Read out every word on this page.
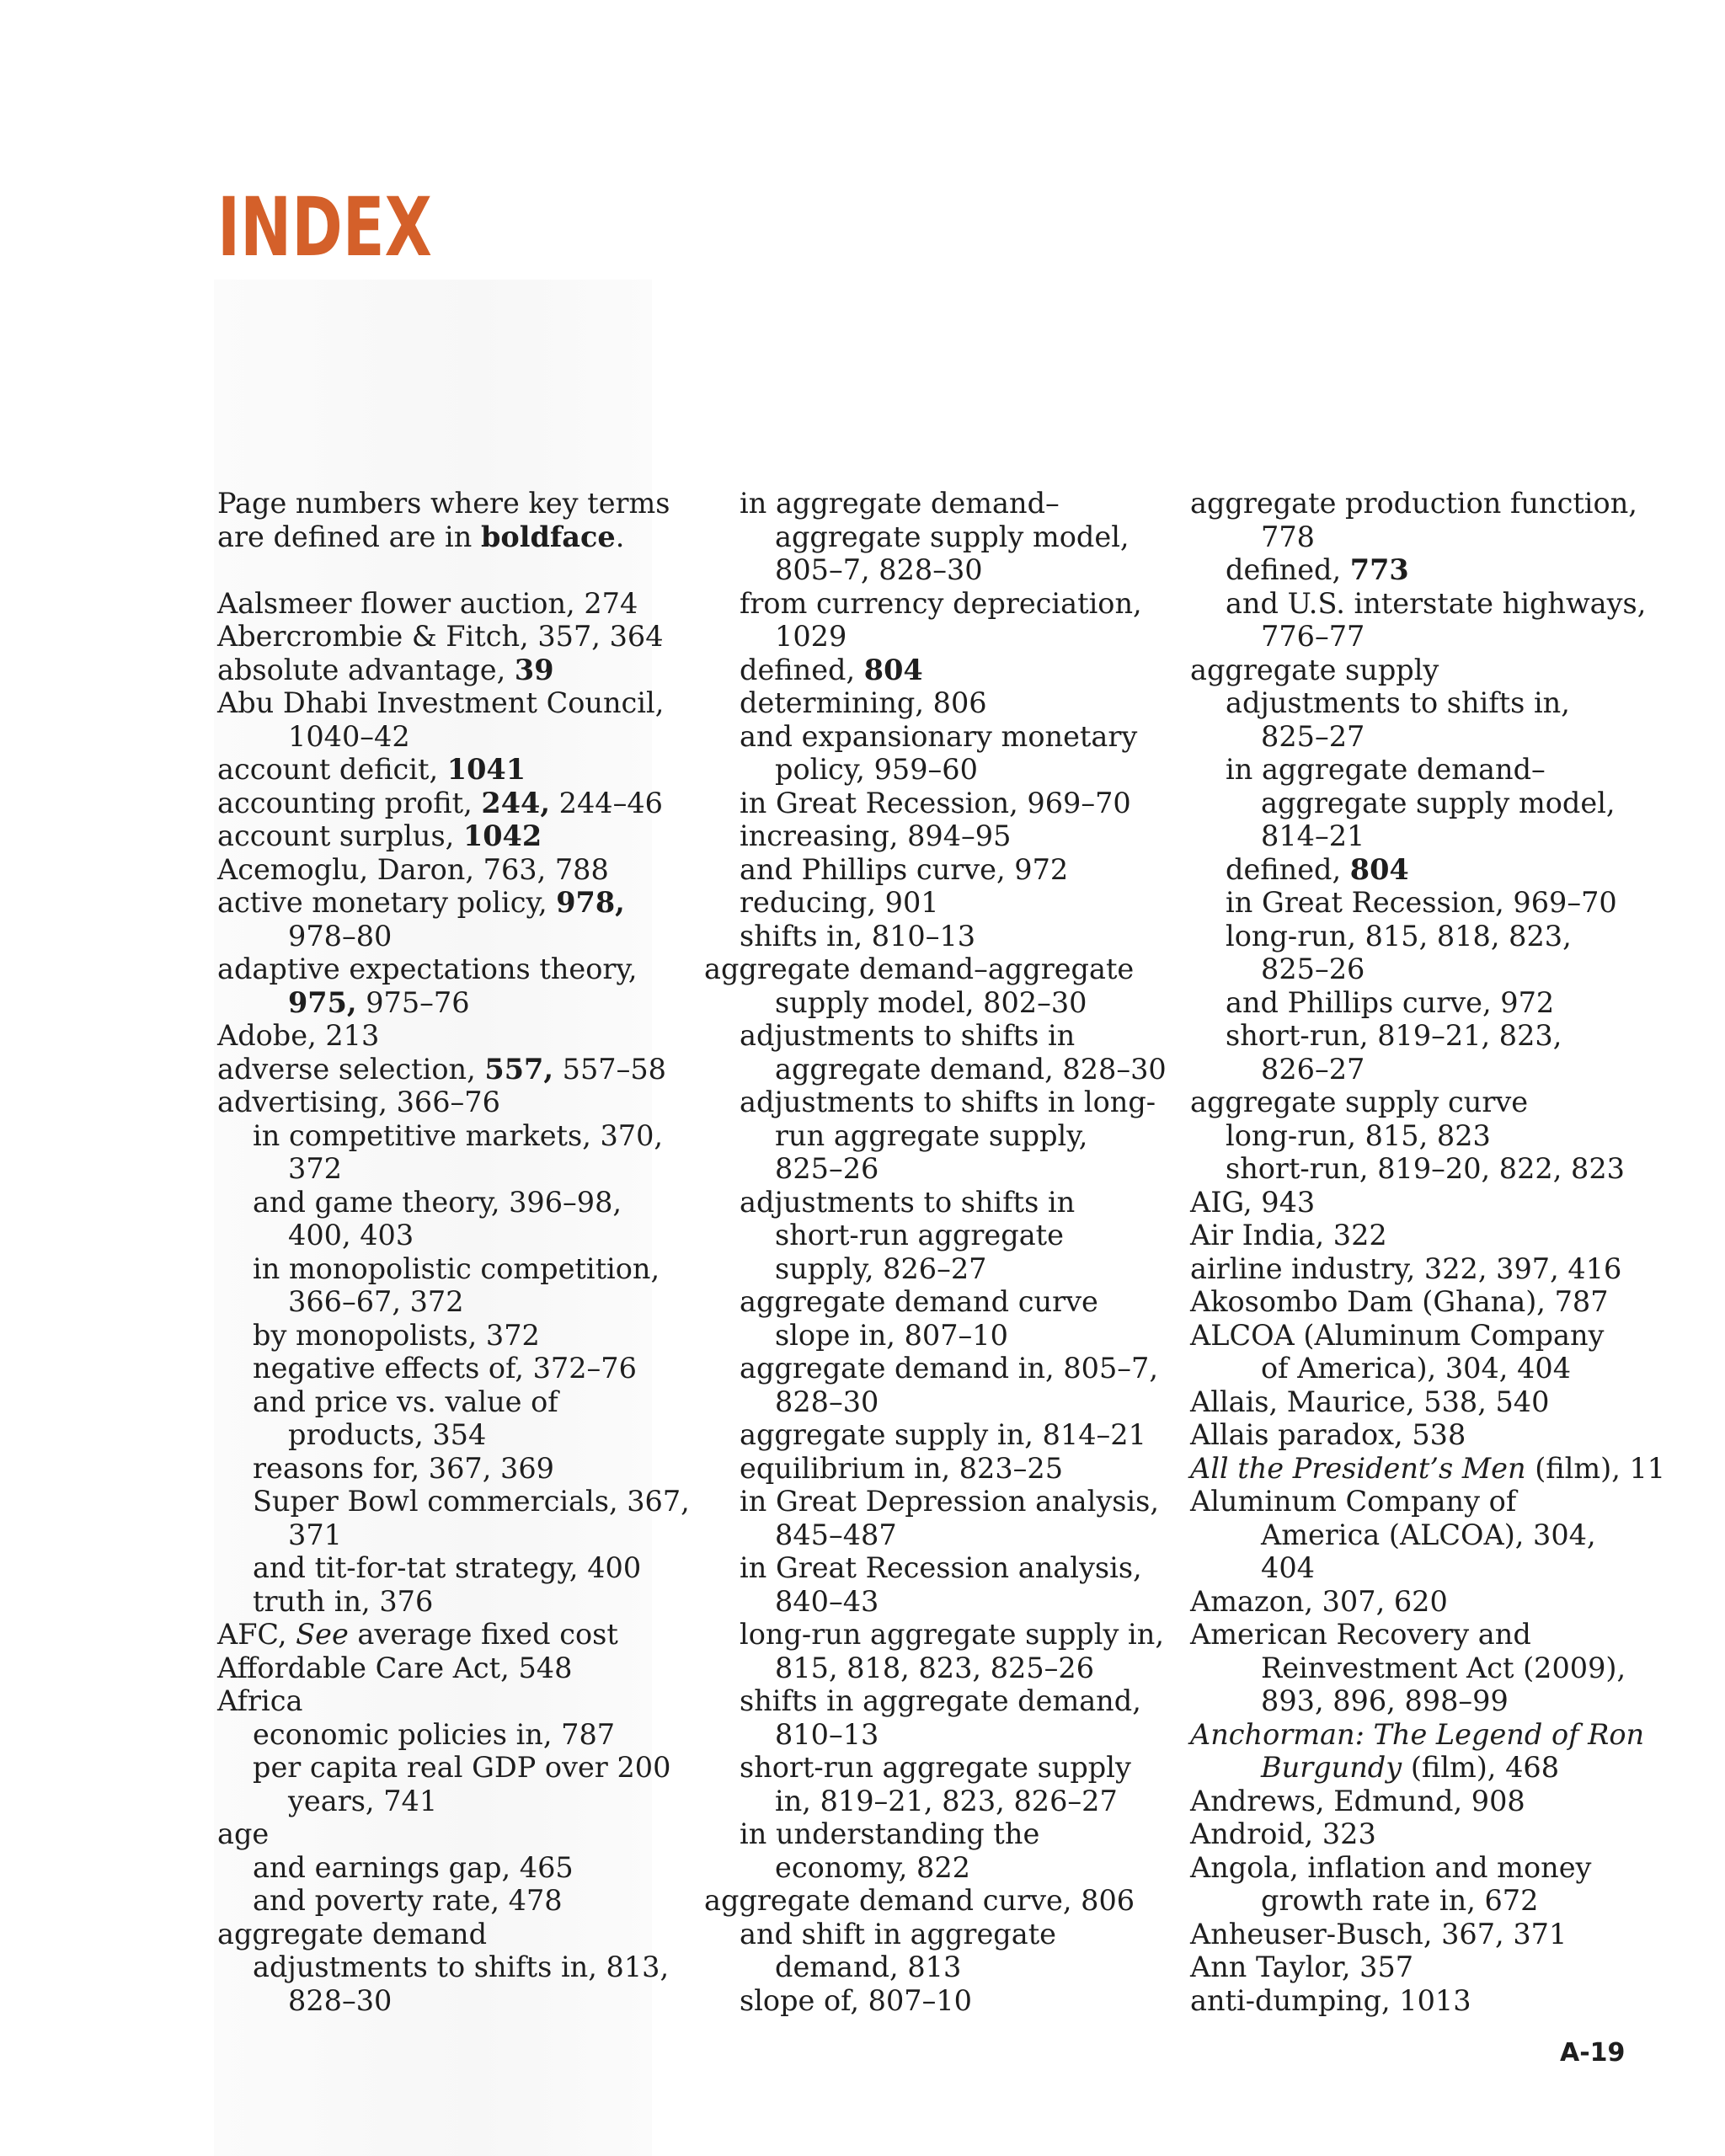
INDEX
Page numbers where key terms
are defined are in boldface.
Aalsmeer flower auction, 274
Abercrombie & Fitch, 357, 364
absolute advantage, 39
Abu Dhabi Investment Council,
1040–42
account deficit, 1041
accounting profit, 244, 244–46
account surplus, 1042
Acemoglu, Daron, 763, 788
active monetary policy, 978,
978–80
adaptive expectations theory,
975, 975–76
Adobe, 213
adverse selection, 557, 557–58
advertising, 366–76
in competitive markets, 370,
372
and game theory, 396–98,
400, 403
in monopolistic competition,
366–67, 372
by monopolists, 372
negative effects of, 372–76
and price vs. value of
products, 354
reasons for, 367, 369
Super Bowl commercials, 367,
371
and tit-for-tat strategy, 400
truth in, 376
AFC, See average fixed cost
Affordable Care Act, 548
Africa
economic policies in, 787
per capita real GDP over 200
years, 741
age
and earnings gap, 465
and poverty rate, 478
aggregate demand
adjustments to shifts in, 813,
828–30
in aggregate demand–
aggregate supply model,
805–7, 828–30
from currency depreciation,
1029
defined, 804
determining, 806
and expansionary monetary
policy, 959–60
in Great Recession, 969–70
increasing, 894–95
and Phillips curve, 972
reducing, 901
shifts in, 810–13
aggregate demand–aggregate
supply model, 802–30
adjustments to shifts in
aggregate demand, 828–30
adjustments to shifts in long-
run aggregate supply,
825–26
adjustments to shifts in
short-run aggregate
supply, 826–27
aggregate demand curve
slope in, 807–10
aggregate demand in, 805–7,
828–30
aggregate supply in, 814–21
equilibrium in, 823–25
in Great Depression analysis,
845–487
in Great Recession analysis,
840–43
long-run aggregate supply in,
815, 818, 823, 825–26
shifts in aggregate demand,
810–13
short-run aggregate supply
in, 819–21, 823, 826–27
in understanding the
economy, 822
aggregate demand curve, 806
and shift in aggregate
demand, 813
slope of, 807–10
aggregate production function,
778
defined, 773
and U.S. interstate highways,
776–77
aggregate supply
adjustments to shifts in,
825–27
in aggregate demand–
aggregate supply model,
814–21
defined, 804
in Great Recession, 969–70
long-run, 815, 818, 823,
825–26
and Phillips curve, 972
short-run, 819–21, 823,
826–27
aggregate supply curve
long-run, 815, 823
short-run, 819–20, 822, 823
AIG, 943
Air India, 322
airline industry, 322, 397, 416
Akosombo Dam (Ghana), 787
ALCOA (Aluminum Company
of America), 304, 404
Allais, Maurice, 538, 540
Allais paradox, 538
All the President’s Men (film), 11
Aluminum Company of
America (ALCOA), 304,
404
Amazon, 307, 620
American Recovery and
Reinvestment Act (2009),
893, 896, 898–99
Anchorman: The Legend of Ron
Burgundy (film), 468
Andrews, Edmund, 908
Android, 323
Angola, inflation and money
growth rate in, 672
Anheuser-Busch, 367, 371
Ann Taylor, 357
anti-dumping, 1013
A-19
